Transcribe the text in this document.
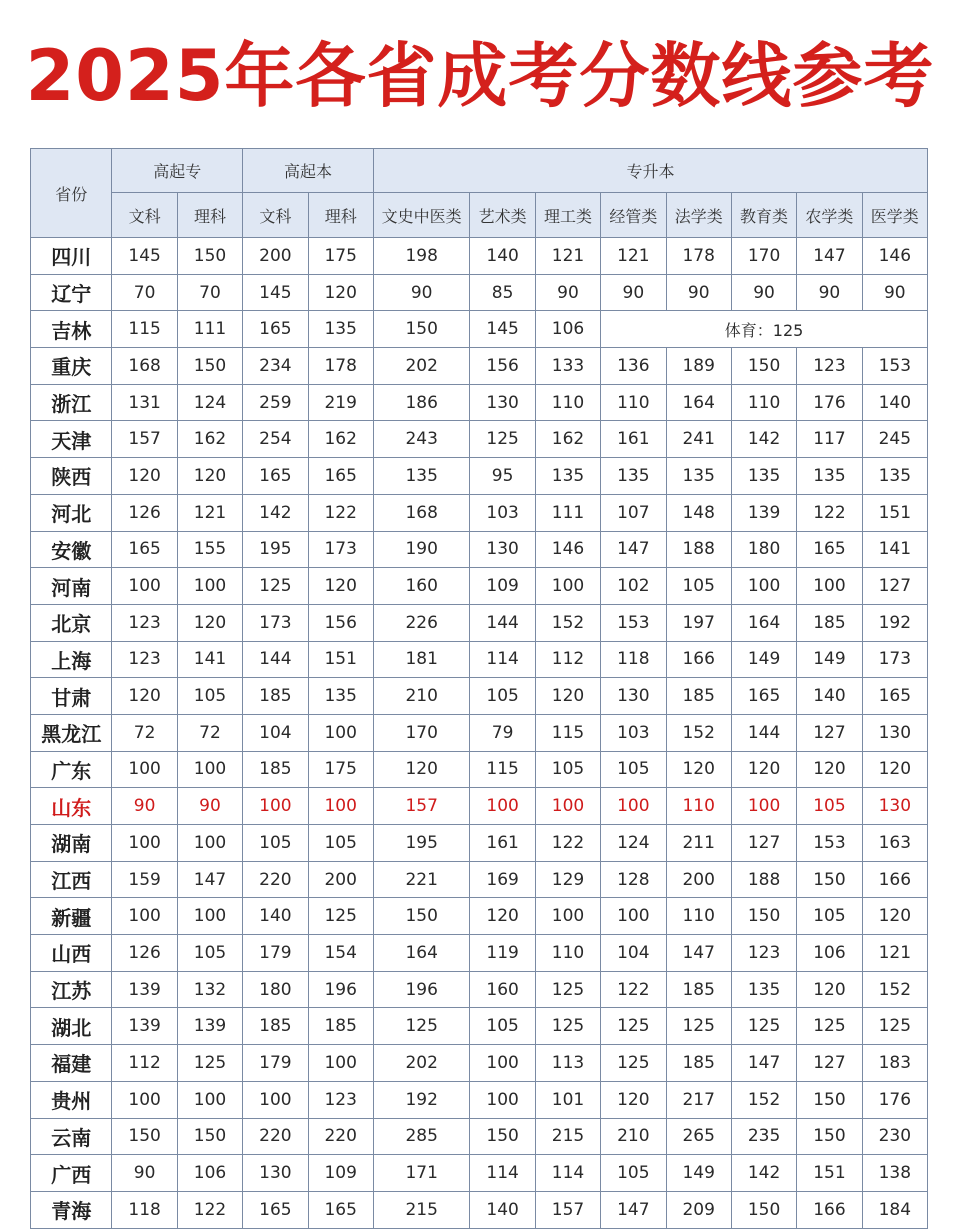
2025年各省成考分数线参考
省份	高起专		高起本		专升本							
	文科	理科	文科	理科	文史中医类	艺术类	理工类	经管类	法学类	教育类	农学类	医学类
四川	145	150	200	175	198	140	121	121	178	170	147	146
辽宁	70	70	145	120	90	85	90	90	90	90	90	90
吉林	115	111	165	135	150	145	106	体育：125				
重庆	168	150	234	178	202	156	133	136	189	150	123	153
浙江	131	124	259	219	186	130	110	110	164	110	176	140
天津	157	162	254	162	243	125	162	161	241	142	117	245
陕西	120	120	165	165	135	95	135	135	135	135	135	135
河北	126	121	142	122	168	103	111	107	148	139	122	151
安徽	165	155	195	173	190	130	146	147	188	180	165	141
河南	100	100	125	120	160	109	100	102	105	100	100	127
北京	123	120	173	156	226	144	152	153	197	164	185	192
上海	123	141	144	151	181	114	112	118	166	149	149	173
甘肃	120	105	185	135	210	105	120	130	185	165	140	165
黑龙江	72	72	104	100	170	79	115	103	152	144	127	130
广东	100	100	185	175	120	115	105	105	120	120	120	120
山东	90	90	100	100	157	100	100	100	110	100	105	130
湖南	100	100	105	105	195	161	122	124	211	127	153	163
江西	159	147	220	200	221	169	129	128	200	188	150	166
新疆	100	100	140	125	150	120	100	100	110	150	105	120
山西	126	105	179	154	164	119	110	104	147	123	106	121
江苏	139	132	180	196	196	160	125	122	185	135	120	152
湖北	139	139	185	185	125	105	125	125	125	125	125	125
福建	112	125	179	100	202	100	113	125	185	147	127	183
贵州	100	100	100	123	192	100	101	120	217	152	150	176
云南	150	150	220	220	285	150	215	210	265	235	150	230
广西	90	106	130	109	171	114	114	105	149	142	151	138
青海	118	122	165	165	215	140	157	147	209	150	166	184
